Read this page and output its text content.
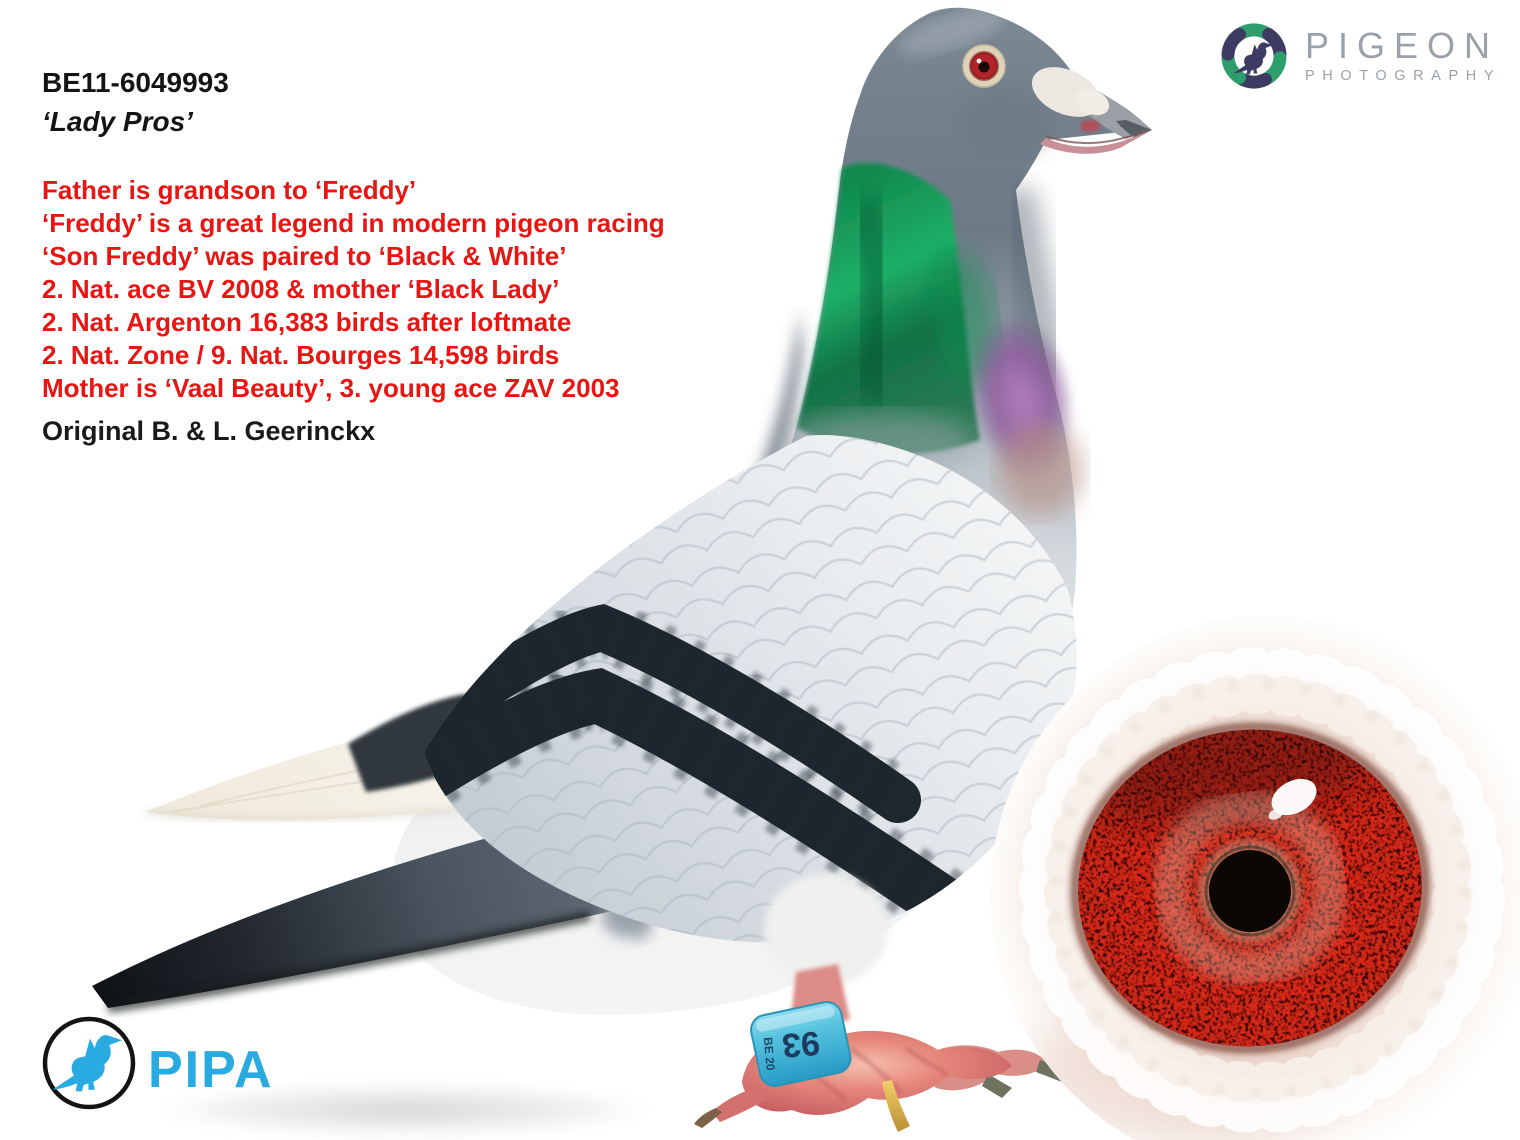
93
BE 20
BE11-6049993
‘Lady Pros’
Father is grandson to ‘Freddy’
‘Freddy’ is a great legend in modern pigeon racing
‘Son Freddy’ was paired to ‘Black & White’
2. Nat. ace BV 2008 & mother ‘Black Lady’
2. Nat. Argenton 16,383 birds after loftmate
2. Nat. Zone / 9. Nat. Bourges 14,598 birds
Mother is ‘Vaal Beauty’, 3. young ace ZAV 2003
Original B. & L. Geerinckx
PIGEON
PHOTOGRAPHY
PIPA
